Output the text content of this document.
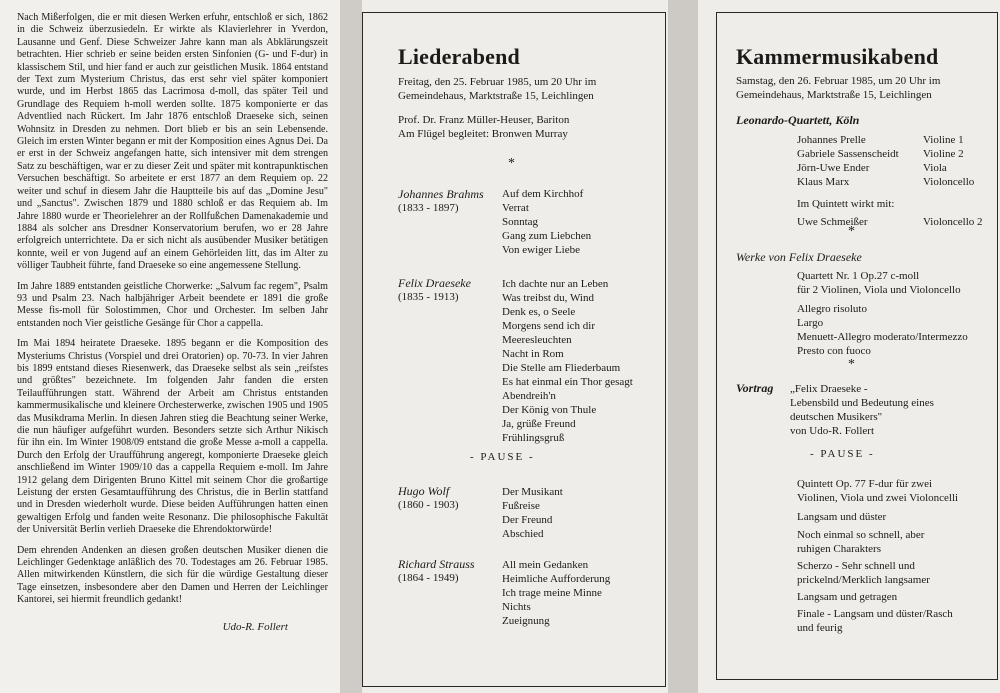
Nach Mißerfolgen, die er mit diesen Werken erfuhr, entschloß er sich, 1862 in die Schweiz überzusiedeln. Er wirkte als Klavierlehrer in Yverdon, Lausanne und Genf. Diese Schweizer Jahre kann man als Abklärungszeit betrachten. Hier schrieb er seine beiden ersten Sinfonien (G- und F-dur) in klassischem Stil, und hier fand er auch zur geistlichen Musik. 1864 entstand der Text zum Mysterium Christus, das erst sehr viel später komponiert wurde, und im Herbst 1865 das Lacrimosa d-moll, das später Teil und Grundlage des Requiem h-moll werden sollte. 1875 komponierte er das Adventlied nach Rückert. Im Jahr 1876 entschloß Draeseke sich, seinen Wohnsitz in Dresden zu nehmen. Dort blieb er bis an sein Lebensende. Gleich im ersten Winter begann er mit der Komposition eines Agnus Dei. Da er erst in der Schweiz angefangen hatte, sich intensiver mit dem strengen Satz zu beschäftigen, war er zu dieser Zeit und später mit kontrapunktischen Versuchen beschäftigt. So arbeitete er erst 1877 an dem Requiem op. 22 weiter und schuf in diesem Jahr die Hauptteile bis auf das „Domine Jesu" und „Sanctus". Zwischen 1879 und 1880 schloß er das Requiem ab. Im Jahre 1880 wurde er Theorielehrer an der Rollfußchen Damenakademie und 1884 als solcher ans Dresdner Konservatorium berufen, wo er 28 Jahre erfolgreich unterrichtete. Da er sich nicht als ausübender Musiker betätigen konnte, weil er von Jugend auf an einem Gehörleiden litt, das im Alter zu völliger Taubheit führte, fand Draeseke so eine angemessene Stellung.

Im Jahre 1889 entstanden geistliche Chorwerke: „Salvum fac regem", Psalm 93 und Psalm 23. Nach halbjähriger Arbeit beendete er 1891 die große Messe fis-moll für Solostimmen, Chor und Orchester. Im selben Jahr entstanden noch Vier geistliche Gesänge für Chor a cappella.

Im Mai 1894 heiratete Draeseke. 1895 begann er die Komposition des Mysteriums Christus (Vorspiel und drei Oratorien) op. 70-73. In vier Jahren bis 1899 entstand dieses Riesenwerk, das Draeseke selbst als sein „reifstes und größtes" bezeichnete. Im folgenden Jahr fanden die ersten Teilaufführungen statt. Während der Arbeit am Christus entstanden kammermusikalische und kleinere Orchesterwerke, zwischen 1905 und 1905 das Musikdrama Merlin. In diesen Jahren stieg die Beachtung seiner Werke, die nun häufiger aufgeführt wurden. Besonders setzte sich Arthur Nikisch für ihn ein. Im Winter 1908/09 entstand die große Messe a-moll a cappella. Durch den Erfolg der Uraufführung angeregt, komponierte Draeseke gleich anschließend im Winter 1909/10 das a cappella Requiem e-moll. Im Jahre 1912 gelang dem Dirigenten Bruno Kittel mit seinem Chor die großartige Leistung der ersten Gesamtaufführung des Christus, die in Berlin stattfand und in Dresden wiederholt wurde. Diese beiden Aufführungen hatten einen gewaltigen Erfolg und fanden weite Resonanz. Die philosophische Fakultät der Universität Berlin verlieh Draeseke die Ehrendoktorwürde!

Dem ehrenden Andenken an diesen großen deutschen Musiker dienen die Leichlinger Gedenktage anläßlich des 70. Todestages am 26. Februar 1985. Allen mitwirkenden Künstlern, die sich für die würdige Gestaltung dieser Tage einsetzen, insbesondere aber den Damen und Herren der Leichlinger Kantorei, sei hiermit freundlich gedankt!

Udo-R. Follert
Liederabend
Freitag, den 25. Februar 1985, um 20 Uhr im
Gemeindehaus, Marktstraße 15, Leichlingen
Prof. Dr. Franz Müller-Heuser, Bariton
Am Flügel begleitet: Bronwen Murray
*
Johannes Brahms
(1833 - 1897)
Auf dem Kirchhof
Verrat
Sonntag
Gang zum Liebchen
Von ewiger Liebe
Felix Draeseke
(1835 - 1913)
Ich dachte nur an Leben
Was treibst du, Wind
Denk es, o Seele
Morgens send ich dir
Meeresleuchten
Nacht in Rom
Die Stelle am Fliederbaum
Es hat einmal ein Thor gesagt
Abendreih'n
Der König von Thule
Ja, grüße Freund
Frühlingsgruß
- PAUSE -
Hugo Wolf
(1860 - 1903)
Der Musikant
Fußreise
Der Freund
Abschied
Richard Strauss
(1864 - 1949)
All mein Gedanken
Heimliche Aufforderung
Ich trage meine Minne
Nichts
Zueignung
Kammermusikabend
Samstag, den 26. Februar 1985, um 20 Uhr im
Gemeindehaus, Marktstraße 15, Leichlingen
Leonardo-Quartett, Köln
Johannes Prelle	Violine 1
Gabriele Sassenscheidt	Violine 2
Jörn-Uwe Ender	Viola
Klaus Marx	Violoncello
Im Quintett wirkt mit:
Uwe Schmeißer	Violoncello 2
*
Werke von Felix Draeseke
Quartett Nr. 1 Op.27 c-moll
für 2 Violinen, Viola und Violoncello
Allegro risoluto
Largo
Menuett-Allegro moderato/Intermezzo
Presto con fuoco
*
Vortrag „Felix Draeseke -
Lebensbild und Bedeutung eines
deutschen Musikers"
von Udo-R. Follert
- PAUSE -
Quintett Op. 77 F-dur für zwei
Violinen, Viola und zwei Violoncelli
Langsam und düster
Noch einmal so schnell, aber
ruhigen Charakters
Scherzo - Sehr schnell und
prickelnd/Merklich langsamer
Langsam und getragen
Finale - Langsam und düster/Rasch
und feurig
